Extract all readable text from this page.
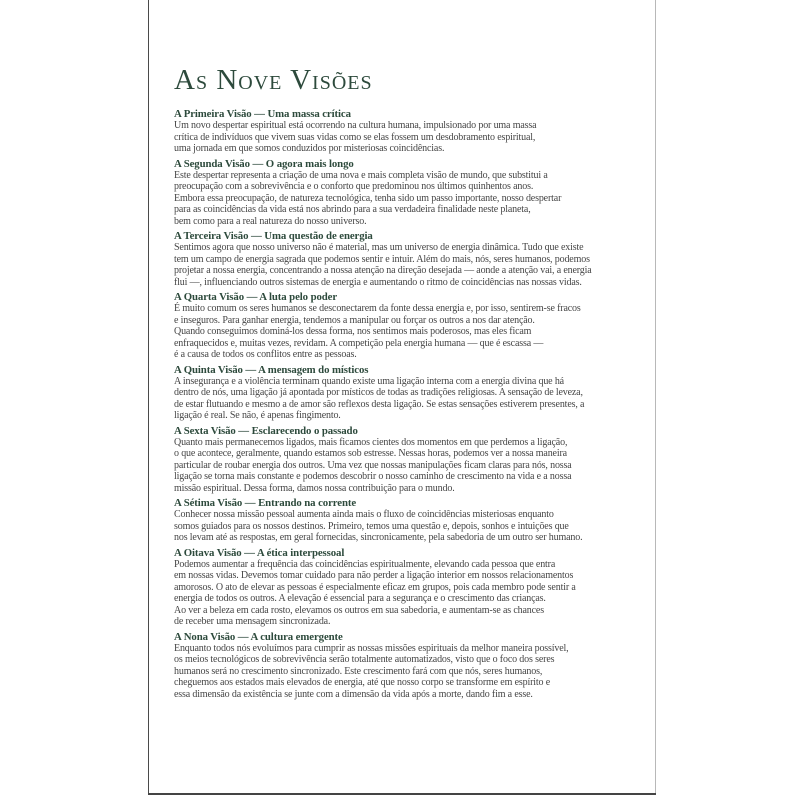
As Nove Visões
A Primeira Visão — Uma massa crítica
Um novo despertar espiritual está ocorrendo na cultura humana, impulsionado por uma massa
crítica de indivíduos que vivem suas vidas como se elas fossem um desdobramento espiritual,
uma jornada em que somos conduzidos por misteriosas coincidências.
A Segunda Visão — O agora mais longo
Este despertar representa a criação de uma nova e mais completa visão de mundo, que substitui a
preocupação com a sobrevivência e o conforto que predominou nos últimos quinhentos anos.
Embora essa preocupação, de natureza tecnológica, tenha sido um passo importante, nosso despertar
para as coincidências da vida está nos abrindo para a sua verdadeira finalidade neste planeta,
bem como para a real natureza do nosso universo.
A Terceira Visão — Uma questão de energia
Sentimos agora que nosso universo não é material, mas um universo de energia dinâmica. Tudo que existe
tem um campo de energia sagrada que podemos sentir e intuir. Além do mais, nós, seres humanos, podemos
projetar a nossa energia, concentrando a nossa atenção na direção desejada — aonde a atenção vai, a energia
flui —, influenciando outros sistemas de energia e aumentando o ritmo de coincidências nas nossas vidas.
A Quarta Visão — A luta pelo poder
É muito comum os seres humanos se desconectarem da fonte dessa energia e, por isso, sentirem-se fracos
e inseguros. Para ganhar energia, tendemos a manipular ou forçar os outros a nos dar atenção.
Quando conseguimos dominá-los dessa forma, nos sentimos mais poderosos, mas eles ficam
enfraquecidos e, muitas vezes, revidam. A competição pela energia humana — que é escassa —
é a causa de todos os conflitos entre as pessoas.
A Quinta Visão — A mensagem do místicos
A insegurança e a violência terminam quando existe uma ligação interna com a energia divina que há
dentro de nós, uma ligação já apontada por místicos de todas as tradições religiosas. A sensação de leveza,
de estar flutuando e mesmo a de amor são reflexos desta ligação. Se estas sensações estiverem presentes, a
ligação é real. Se não, é apenas fingimento.
A Sexta Visão — Esclarecendo o passado
Quanto mais permanecemos ligados, mais ficamos cientes dos momentos em que perdemos a ligação,
o que acontece, geralmente, quando estamos sob estresse. Nessas horas, podemos ver a nossa maneira
particular de roubar energia dos outros. Uma vez que nossas manipulações ficam claras para nós, nossa
ligação se torna mais constante e podemos descobrir o nosso caminho de crescimento na vida e a nossa
missão espiritual. Dessa forma, damos nossa contribuição para o mundo.
A Sétima Visão — Entrando na corrente
Conhecer nossa missão pessoal aumenta ainda mais o fluxo de coincidências misteriosas enquanto
somos guiados para os nossos destinos. Primeiro, temos uma questão e, depois, sonhos e intuições que
nos levam até as respostas, em geral fornecidas, sincronicamente, pela sabedoria de um outro ser humano.
A Oitava Visão — A ética interpessoal
Podemos aumentar a frequência das coincidências espiritualmente, elevando cada pessoa que entra
em nossas vidas. Devemos tomar cuidado para não perder a ligação interior em nossos relacionamentos
amorosos. O ato de elevar as pessoas é especialmente eficaz em grupos, pois cada membro pode sentir a
energia de todos os outros. A elevação é essencial para a segurança e o crescimento das crianças.
Ao ver a beleza em cada rosto, elevamos os outros em sua sabedoria, e aumentam-se as chances
de receber uma mensagem sincronizada.
A Nona Visão — A cultura emergente
Enquanto todos nós evoluímos para cumprir as nossas missões espirituais da melhor maneira possível,
os meios tecnológicos de sobrevivência serão totalmente automatizados, visto que o foco dos seres
humanos será no crescimento sincronizado. Este crescimento fará com que nós, seres humanos,
cheguemos aos estados mais elevados de energia, até que nosso corpo se transforme em espírito e
essa dimensão da existência se junte com a dimensão da vida após a morte, dando fim a esse.
